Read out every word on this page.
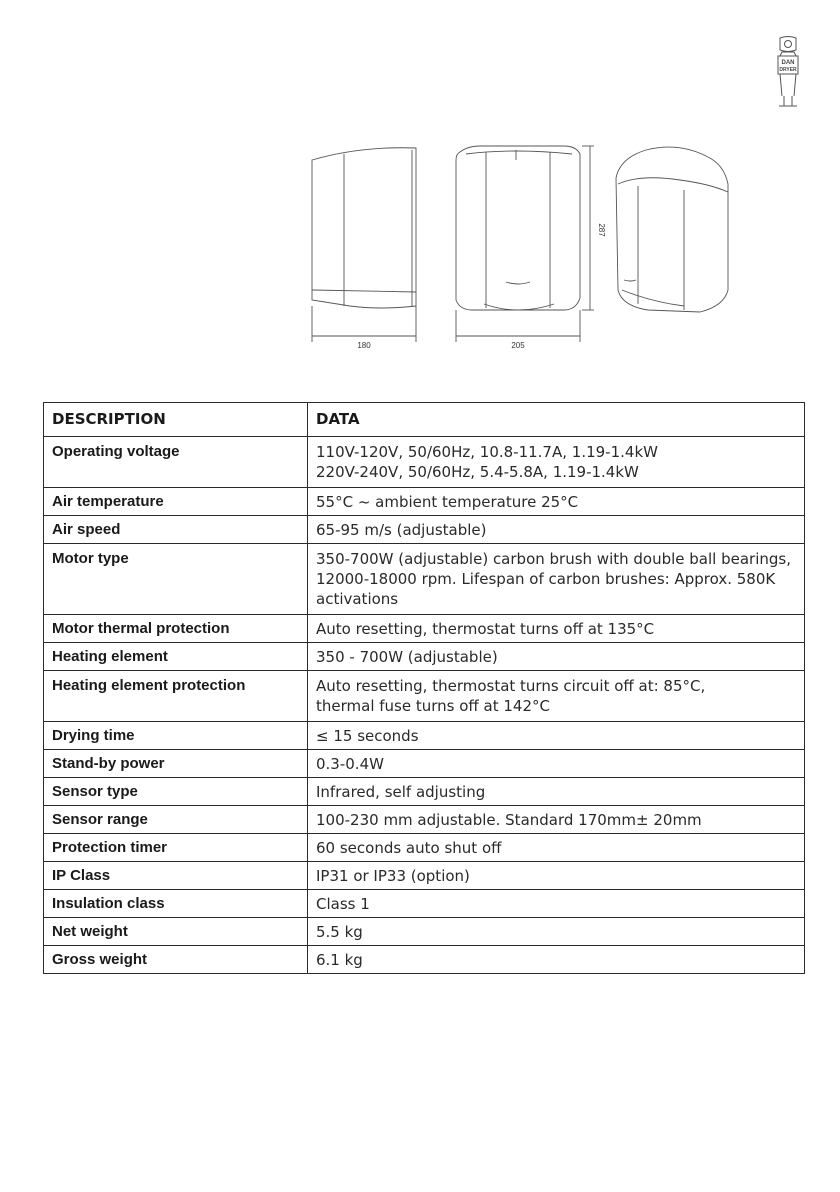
DAN
DRYER
180	205
287
DESCRIPTION	DATA
Operating voltage	110V-120V, 50/60Hz, 10.8-11.7A, 1.19-1.4kW
220V-240V, 50/60Hz, 5.4-5.8A, 1.19-1.4kW

Air temperature	55°C ~ ambient temperature 25°C

Air speed	65-95 m/s (adjustable)

Motor type	350-700W (adjustable) carbon brush with double ball bearings,
12000-18000 rpm. Lifespan of carbon brushes: Approx. 580K
activations

Motor thermal protection	Auto resetting, thermostat turns off at 135°C

Heating element	350 - 700W (adjustable)

Heating element protection	Auto resetting, thermostat turns circuit off at: 85°C,
thermal fuse turns off at 142°C

Drying time	≤ 15 seconds

Stand-by power	0.3-0.4W

Sensor type	Infrared, self adjusting

Sensor range	100-230 mm adjustable. Standard 170mm± 20mm

Protection timer	60 seconds auto shut off

IP Class	IP31 or IP33 (option)

Insulation class	Class 1

Net weight	5.5 kg

Gross weight	6.1 kg
